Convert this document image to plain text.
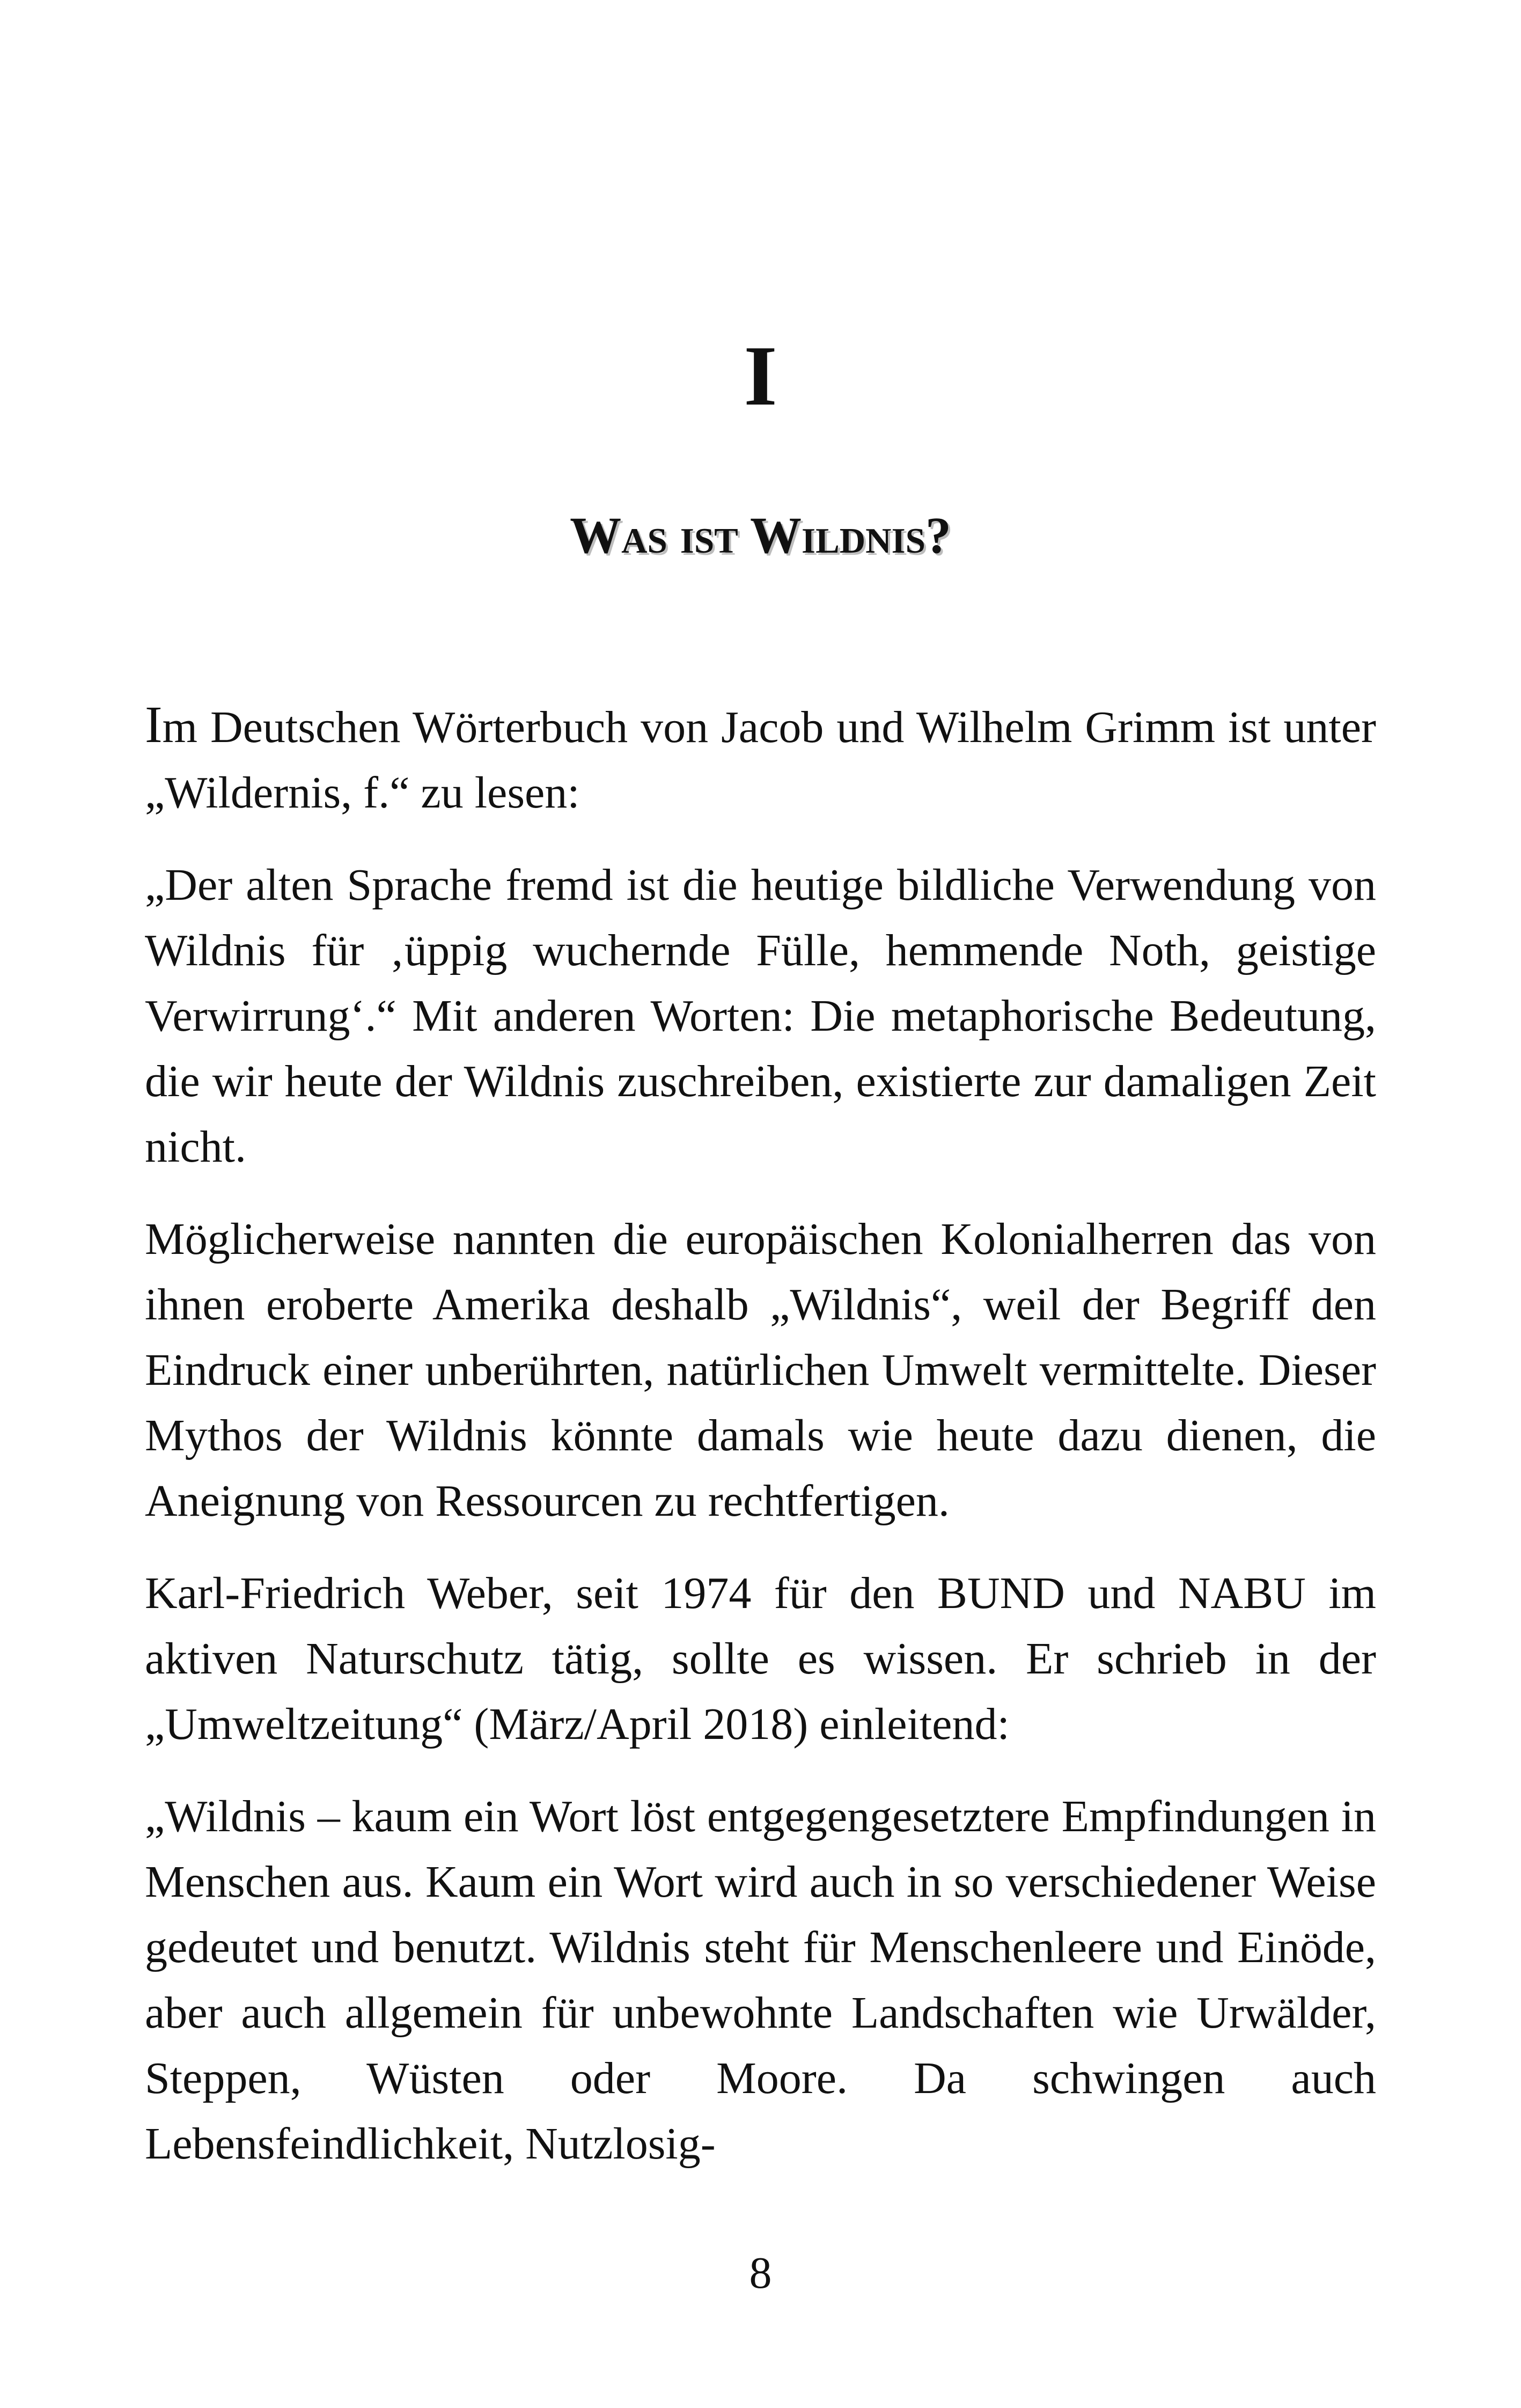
I
Was ist Wildnis?

Im Deutschen Wörterbuch von Jacob und Wilhelm Grimm ist unter „Wildernis, f.“ zu lesen:

„Der alten Sprache fremd ist die heutige bildliche Verwendung von Wildnis für ‚üppig wuchernde Fülle, hemmende Noth, geistige Verwirrung‘.“ Mit anderen Worten: Die metaphorische Bedeutung, die wir heute der Wildnis zuschreiben, existierte zur damaligen Zeit nicht.

Möglicherweise nannten die europäischen Kolonialherren das von ihnen eroberte Amerika deshalb „Wildnis“, weil der Begriff den Eindruck einer unberührten, natürlichen Umwelt vermittelte. Dieser Mythos der Wildnis könnte damals wie heute dazu dienen, die Aneignung von Ressourcen zu rechtfertigen.

Karl-Friedrich Weber, seit 1974 für den BUND und NABU im aktiven Naturschutz tätig, sollte es wissen. Er schrieb in der „Umweltzeitung“ (März/April 2018) einleitend:

„Wildnis – kaum ein Wort löst entgegengesetztere Empfindungen in Menschen aus. Kaum ein Wort wird auch in so verschiedener Weise gedeutet und benutzt. Wildnis steht für Menschenleere und Einöde, aber auch allgemein für unbewohnte Landschaften wie Urwälder, Steppen, Wüsten oder Moore. Da schwingen auch Lebensfeindlichkeit, Nutzlosig-

8
